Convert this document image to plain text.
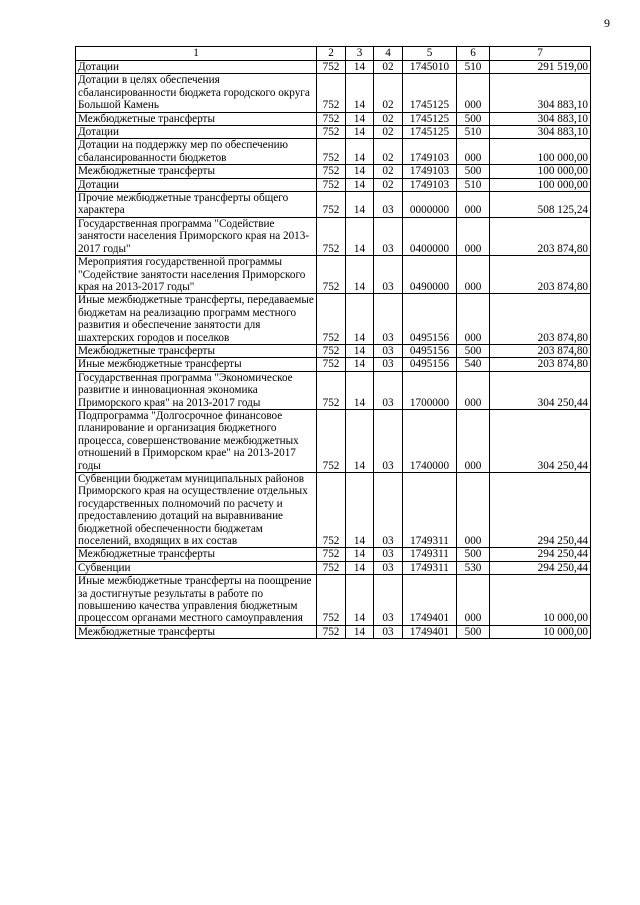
9
1	2	3	4	5	6	7
Дотации	752	14	02	1745010	510	291 519,00
Дотации в целях обеспечения сбалансированности бюджета городского округа Большой Камень	752	14	02	1745125	000	304 883,10
Межбюджетные трансферты	752	14	02	1745125	500	304 883,10
Дотации	752	14	02	1745125	510	304 883,10
Дотации на поддержку мер по обеспечению сбалансированности бюджетов	752	14	02	1749103	000	100 000,00
Межбюджетные трансферты	752	14	02	1749103	500	100 000,00
Дотации	752	14	02	1749103	510	100 000,00
Прочие межбюджетные трансферты общего характера	752	14	03	0000000	000	508 125,24
Государственная программа "Содействие занятости населения Приморского края на 2013-2017 годы"	752	14	03	0400000	000	203 874,80
Мероприятия государственной программы "Содействие занятости населения Приморского края на 2013-2017 годы"	752	14	03	0490000	000	203 874,80
Иные межбюджетные трансферты, передаваемые бюджетам на реализацию программ местного развития и обеспечение занятости для шахтерских городов и поселков	752	14	03	0495156	000	203 874,80
Межбюджетные трансферты	752	14	03	0495156	500	203 874,80
Иные межбюджетные трансферты	752	14	03	0495156	540	203 874,80
Государственная программа "Экономическое развитие и инновационная экономика Приморского края" на 2013-2017 годы	752	14	03	1700000	000	304 250,44
Подпрограмма "Долгосрочное финансовое планирование и организация бюджетного процесса, совершенствование межбюджетных отношений в Приморском крае" на 2013-2017 годы	752	14	03	1740000	000	304 250,44
Субвенции бюджетам муниципальных районов Приморского края на осуществление отдельных государственных полномочий по расчету и предоставлению дотаций на выравнивание бюджетной обеспеченности бюджетам поселений, входящих в их состав	752	14	03	1749311	000	294 250,44
Межбюджетные трансферты	752	14	03	1749311	500	294 250,44
Субвенции	752	14	03	1749311	530	294 250,44
Иные межбюджетные трансферты на поощрение за достигнутые результаты в работе по повышению качества управления бюджетным процессом органами местного самоуправления	752	14	03	1749401	000	10 000,00
Межбюджетные трансферты	752	14	03	1749401	500	10 000,00
